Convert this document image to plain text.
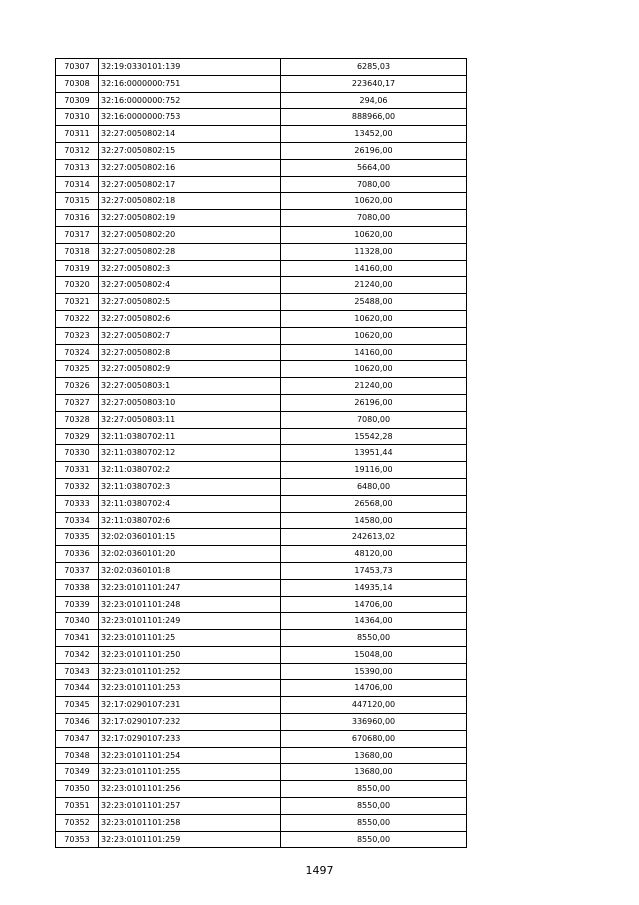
70307	32:19:0330101:139	6285,03
70308	32:16:0000000:751	223640,17
70309	32:16:0000000:752	294,06
70310	32:16:0000000:753	888966,00
70311	32:27:0050802:14	13452,00
70312	32:27:0050802:15	26196,00
70313	32:27:0050802:16	5664,00
70314	32:27:0050802:17	7080,00
70315	32:27:0050802:18	10620,00
70316	32:27:0050802:19	7080,00
70317	32:27:0050802:20	10620,00
70318	32:27:0050802:28	11328,00
70319	32:27:0050802:3	14160,00
70320	32:27:0050802:4	21240,00
70321	32:27:0050802:5	25488,00
70322	32:27:0050802:6	10620,00
70323	32:27:0050802:7	10620,00
70324	32:27:0050802:8	14160,00
70325	32:27:0050802:9	10620,00
70326	32:27:0050803:1	21240,00
70327	32:27:0050803:10	26196,00
70328	32:27:0050803:11	7080,00
70329	32:11:0380702:11	15542,28
70330	32:11:0380702:12	13951,44
70331	32:11:0380702:2	19116,00
70332	32:11:0380702:3	6480,00
70333	32:11:0380702:4	26568,00
70334	32:11:0380702:6	14580,00
70335	32:02:0360101:15	242613,02
70336	32:02:0360101:20	48120,00
70337	32:02:0360101:8	17453,73
70338	32:23:0101101:247	14935,14
70339	32:23:0101101:248	14706,00
70340	32:23:0101101:249	14364,00
70341	32:23:0101101:25	8550,00
70342	32:23:0101101:250	15048,00
70343	32:23:0101101:252	15390,00
70344	32:23:0101101:253	14706,00
70345	32:17:0290107:231	447120,00
70346	32:17:0290107:232	336960,00
70347	32:17:0290107:233	670680,00
70348	32:23:0101101:254	13680,00
70349	32:23:0101101:255	13680,00
70350	32:23:0101101:256	8550,00
70351	32:23:0101101:257	8550,00
70352	32:23:0101101:258	8550,00
70353	32:23:0101101:259	8550,00
1497
